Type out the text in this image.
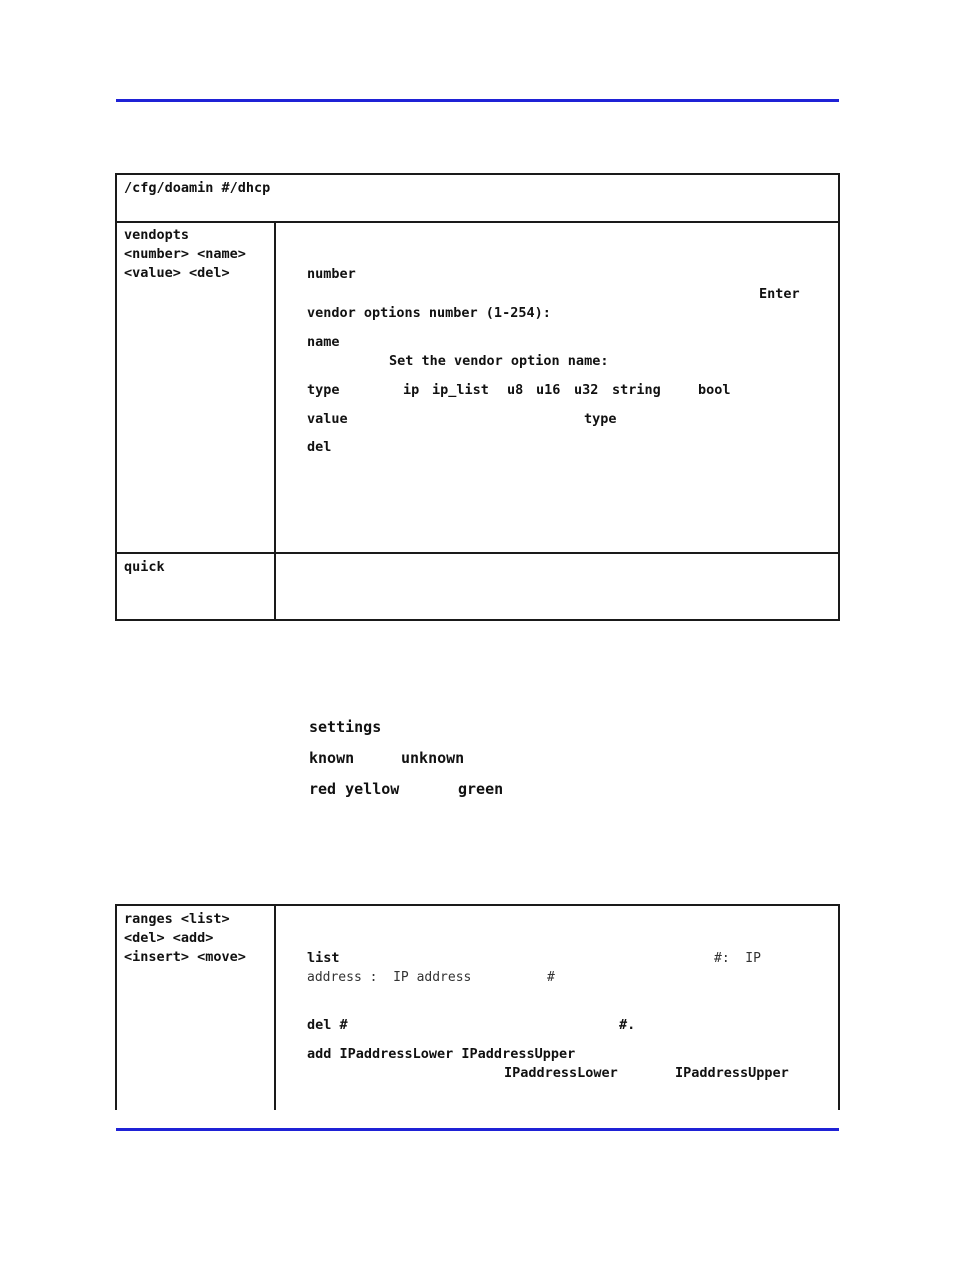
/cfg/doamin #/dhcp
vendopts
<number> <name>
<value> <del>	number
Enter
vendor options number (1-254):
name
Set the vendor option name:
type	ip ip_list u8 u16 u32 string	bool
value	type
del
quick
settings
known	unknown
red yellow	green
ranges <list>
<del> <add>
<insert> <move>	list	#:  IP
address :  IP address	#
del #	#.
add IPaddressLower IPaddressUpper
IPaddressLower	IPaddressUpper
